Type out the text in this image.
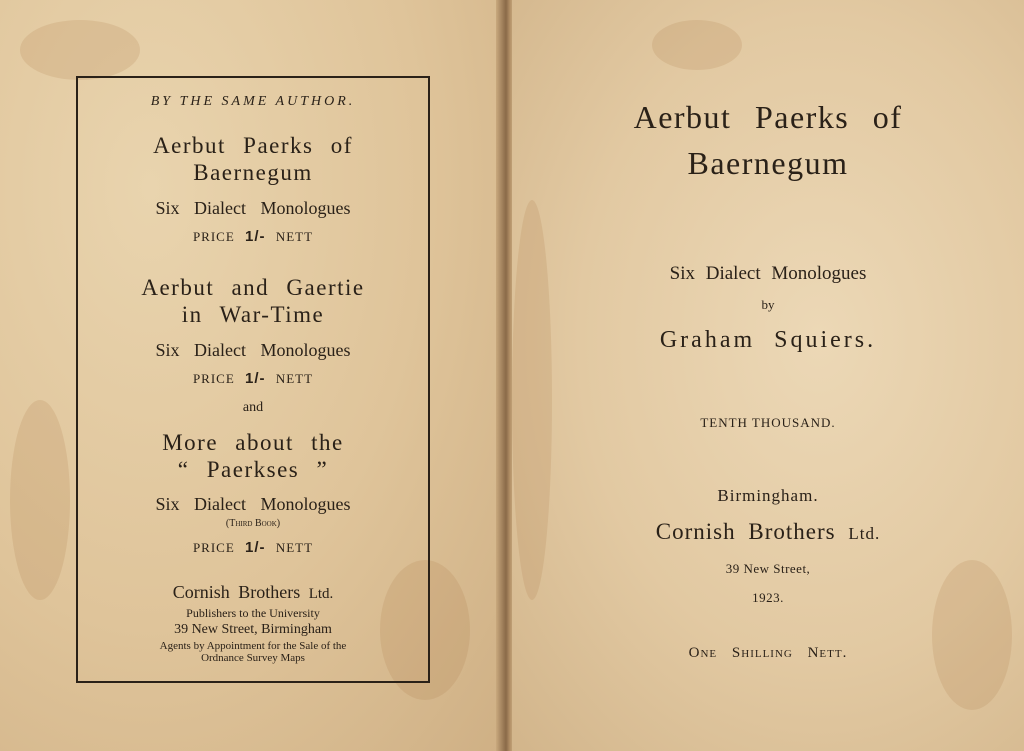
BY THE SAME AUTHOR.
Aerbut Paerks of
Baernegum
Six Dialect Monologues
PRICE 1/- NETT
Aerbut and Gaertie
in War-Time
Six Dialect Monologues
PRICE 1/- NETT
and
More about the
“ Paerkses ”
Six Dialect Monologues
(Third Book)
PRICE 1/- NETT
Cornish Brothers Ltd.
Publishers to the University
39 New Street, Birmingham
Agents by Appointment for the Sale of the
Ordnance Survey Maps
Aerbut Paerks of
Baernegum
Six Dialect Monologues
by
Graham Squiers.
TENTH THOUSAND.
Birmingham.
Cornish Brothers Ltd.
39 New Street,
1923.
One Shilling Nett.
